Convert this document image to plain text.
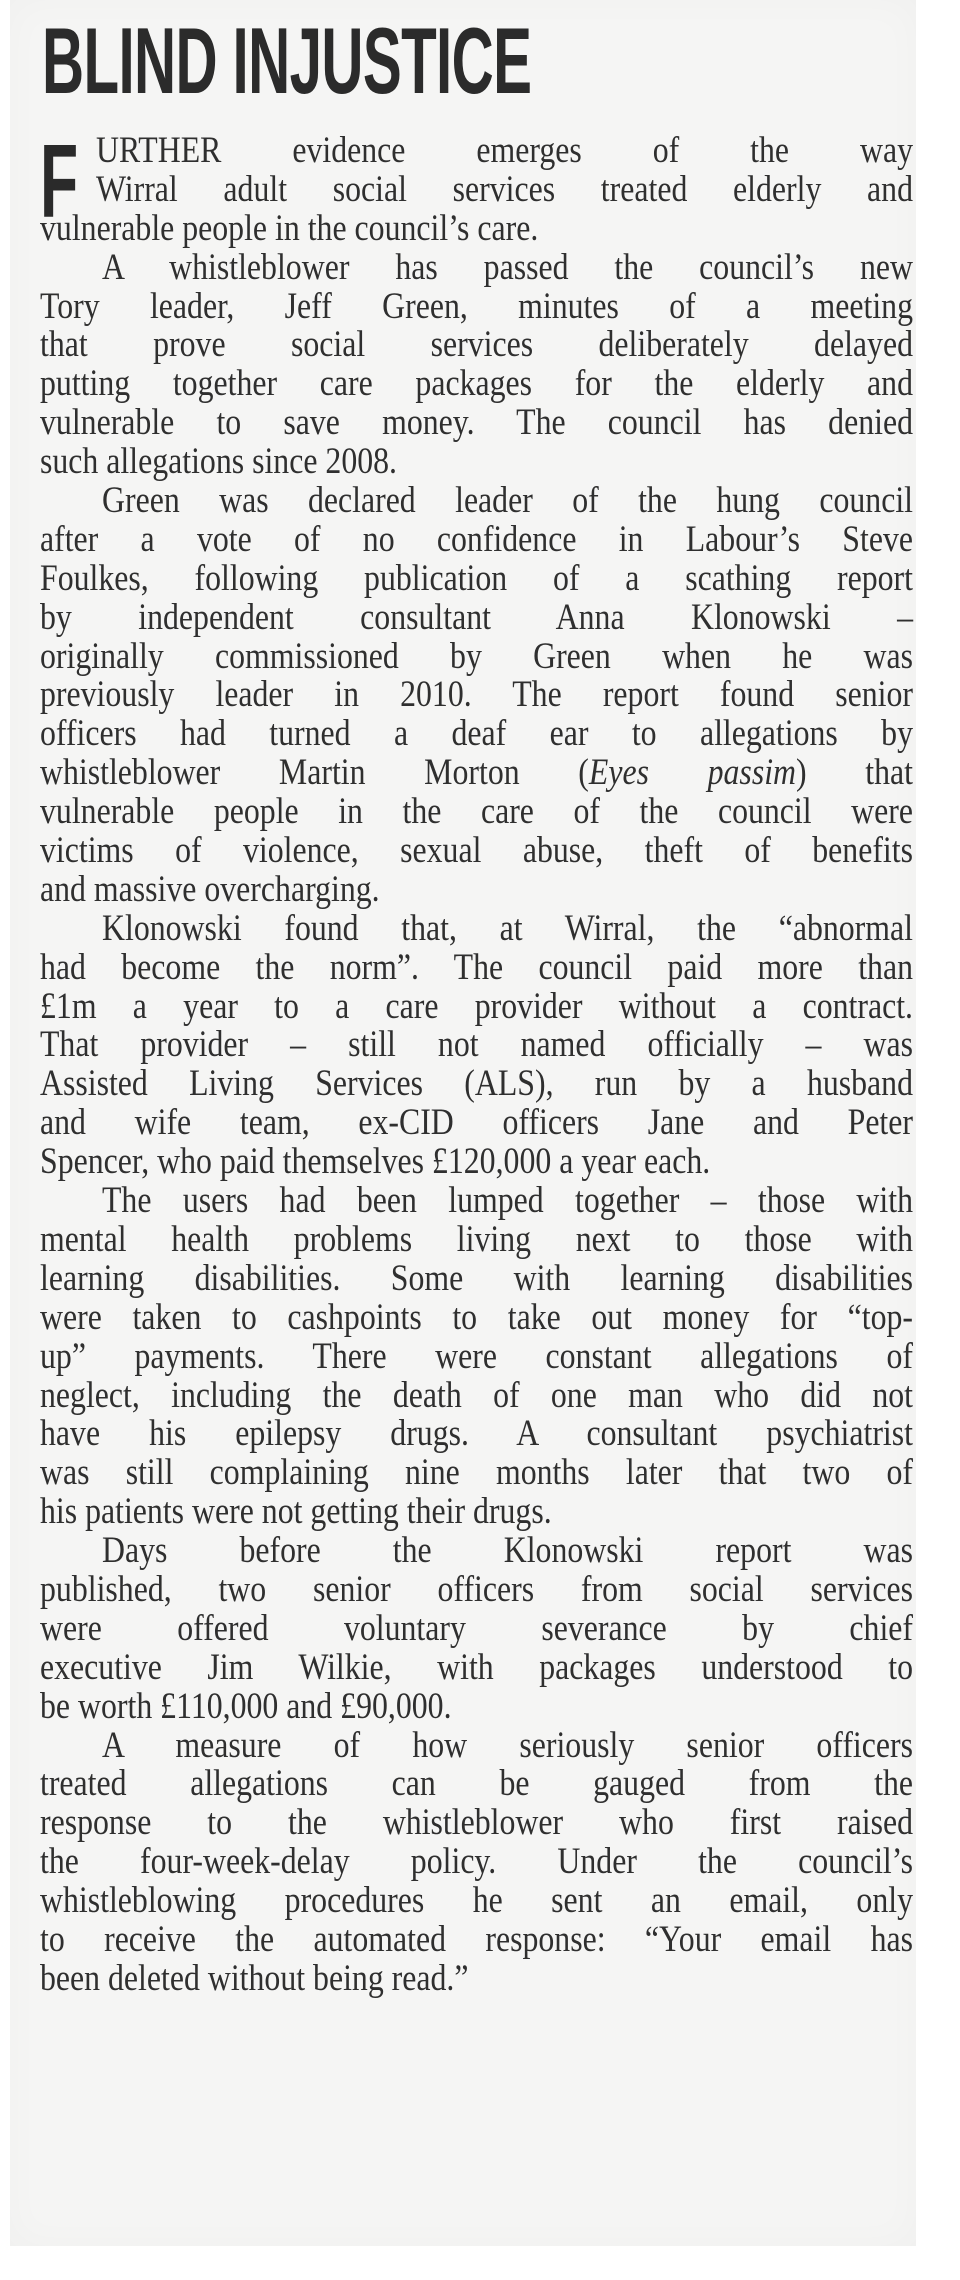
BLIND INJUSTICE
F URTHER evidence emerges of the way
Wirral adult social services treated elderly and
vulnerable people in the council’s care.
A whistleblower has passed the council’s new
Tory leader, Jeff Green, minutes of a meeting
that prove social services deliberately delayed
putting together care packages for the elderly and
vulnerable to save money. The council has denied
such allegations since 2008.
Green was declared leader of the hung council
after a vote of no confidence in Labour’s Steve
Foulkes, following publication of a scathing report
by independent consultant Anna Klonowski –
originally commissioned by Green when he was
previously leader in 2010. The report found senior
officers had turned a deaf ear to allegations by
whistleblower Martin Morton (Eyes passim) that
vulnerable people in the care of the council were
victims of violence, sexual abuse, theft of benefits
and massive overcharging.
Klonowski found that, at Wirral, the “abnormal
had become the norm”. The council paid more than
£1m a year to a care provider without a contract.
That provider – still not named officially – was
Assisted Living Services (ALS), run by a husband
and wife team, ex-CID officers Jane and Peter
Spencer, who paid themselves £120,000 a year each.
The users had been lumped together – those with
mental health problems living next to those with
learning disabilities. Some with learning disabilities
were taken to cashpoints to take out money for “top-
up” payments. There were constant allegations of
neglect, including the death of one man who did not
have his epilepsy drugs. A consultant psychiatrist
was still complaining nine months later that two of
his patients were not getting their drugs.
Days before the Klonowski report was
published, two senior officers from social services
were offered voluntary severance by chief
executive Jim Wilkie, with packages understood to
be worth £110,000 and £90,000.
A measure of how seriously senior officers
treated allegations can be gauged from the
response to the whistleblower who first raised
the four-week-delay policy. Under the council’s
whistleblowing procedures he sent an email, only
to receive the automated response: “Your email has
been deleted without being read.”
